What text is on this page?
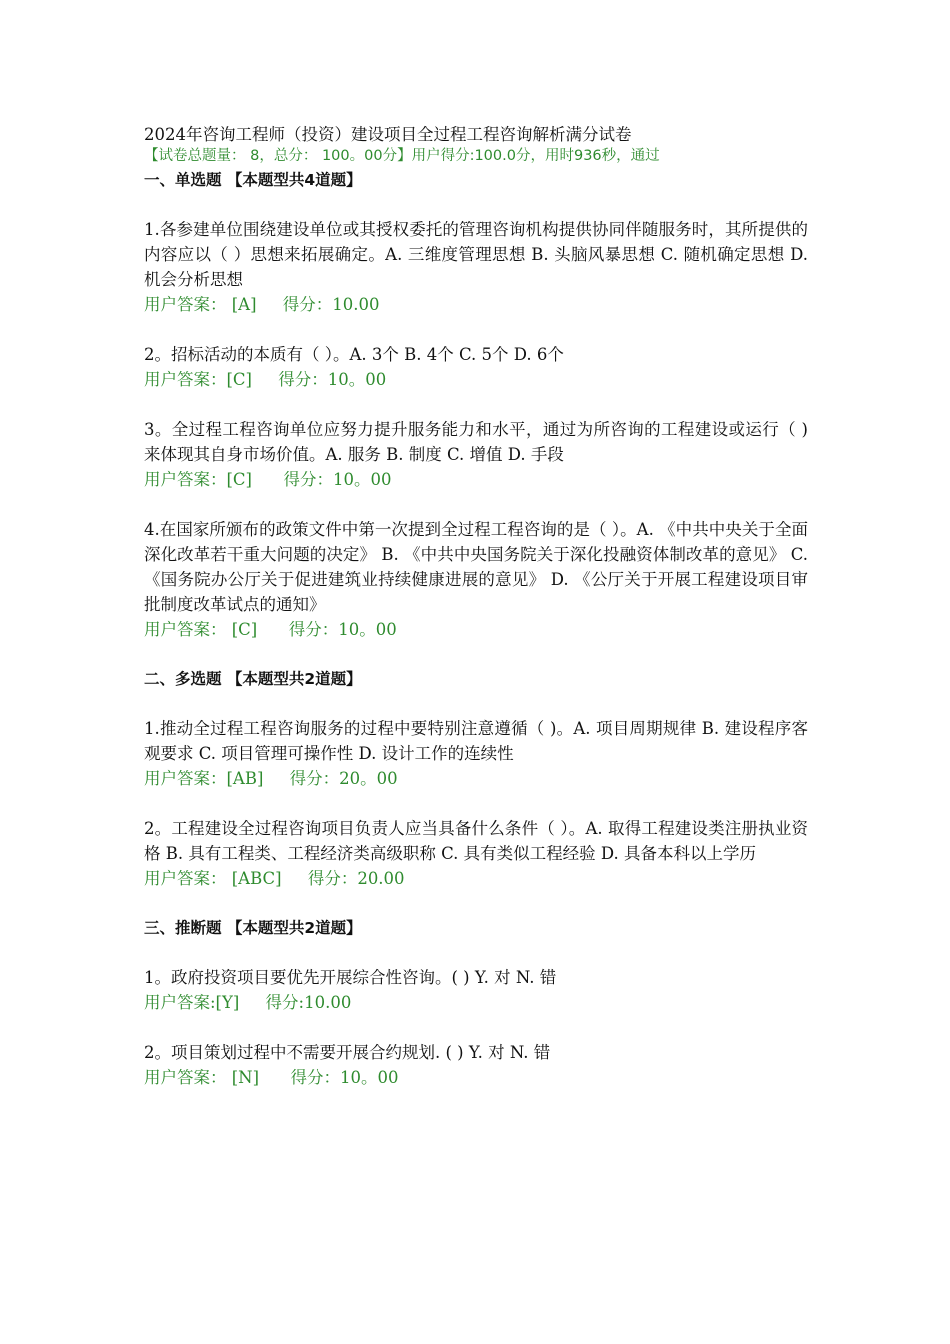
2024年咨询工程师（投资）建设项目全过程工程咨询解析满分试卷
【试卷总题量： 8，总分： 100。00分】用户得分:100.0分，用时936秒，通过
一、单选题 【本题型共4道题】
1.各参建单位围绕建设单位或其授权委托的管理咨询机构提供协同伴随服务时，其所提供的内容应以（ ）思想来拓展确定。A. 三维度管理思想 B. 头脑风暴思想 C. 随机确定思想 D. 机会分析思想
用户答案： [A]     得分：10.00
2。招标活动的本质有（ ）。A. 3个 B. 4个 C. 5个 D. 6个
用户答案：[C]     得分：10。00
3。全过程工程咨询单位应努力提升服务能力和水平，通过为所咨询的工程建设或运行（ )来体现其自身市场价值。A. 服务 B. 制度 C. 增值 D. 手段
用户答案：[C]      得分：10。00
4.在国家所颁布的政策文件中第一次提到全过程工程咨询的是（ ）。A. 《中共中央关于全面深化改革若干重大问题的决定》 B. 《中共中央国务院关于深化投融资体制改革的意见》 C. 《国务院办公厅关于促进建筑业持续健康进展的意见》 D. 《公厅关于开展工程建设项目审批制度改革试点的通知》
用户答案： [C]      得分：10。00
二、多选题 【本题型共2道题】
1.推动全过程工程咨询服务的过程中要特别注意遵循（ )。A. 项目周期规律 B. 建设程序客观要求 C. 项目管理可操作性 D. 设计工作的连续性
用户答案：[AB]     得分：20。00
2。工程建设全过程咨询项目负责人应当具备什么条件（ ）。A. 取得工程建设类注册执业资格 B. 具有工程类、工程经济类高级职称 C. 具有类似工程经验 D. 具备本科以上学历
用户答案： [ABC]     得分：20.00
三、推断题 【本题型共2道题】
1。政府投资项目要优先开展综合性咨询。( ) Y. 对 N. 错
用户答案:[Y]     得分:10.00
2。项目策划过程中不需要开展合约规划. ( ) Y. 对 N. 错
用户答案： [N]      得分：10。00
